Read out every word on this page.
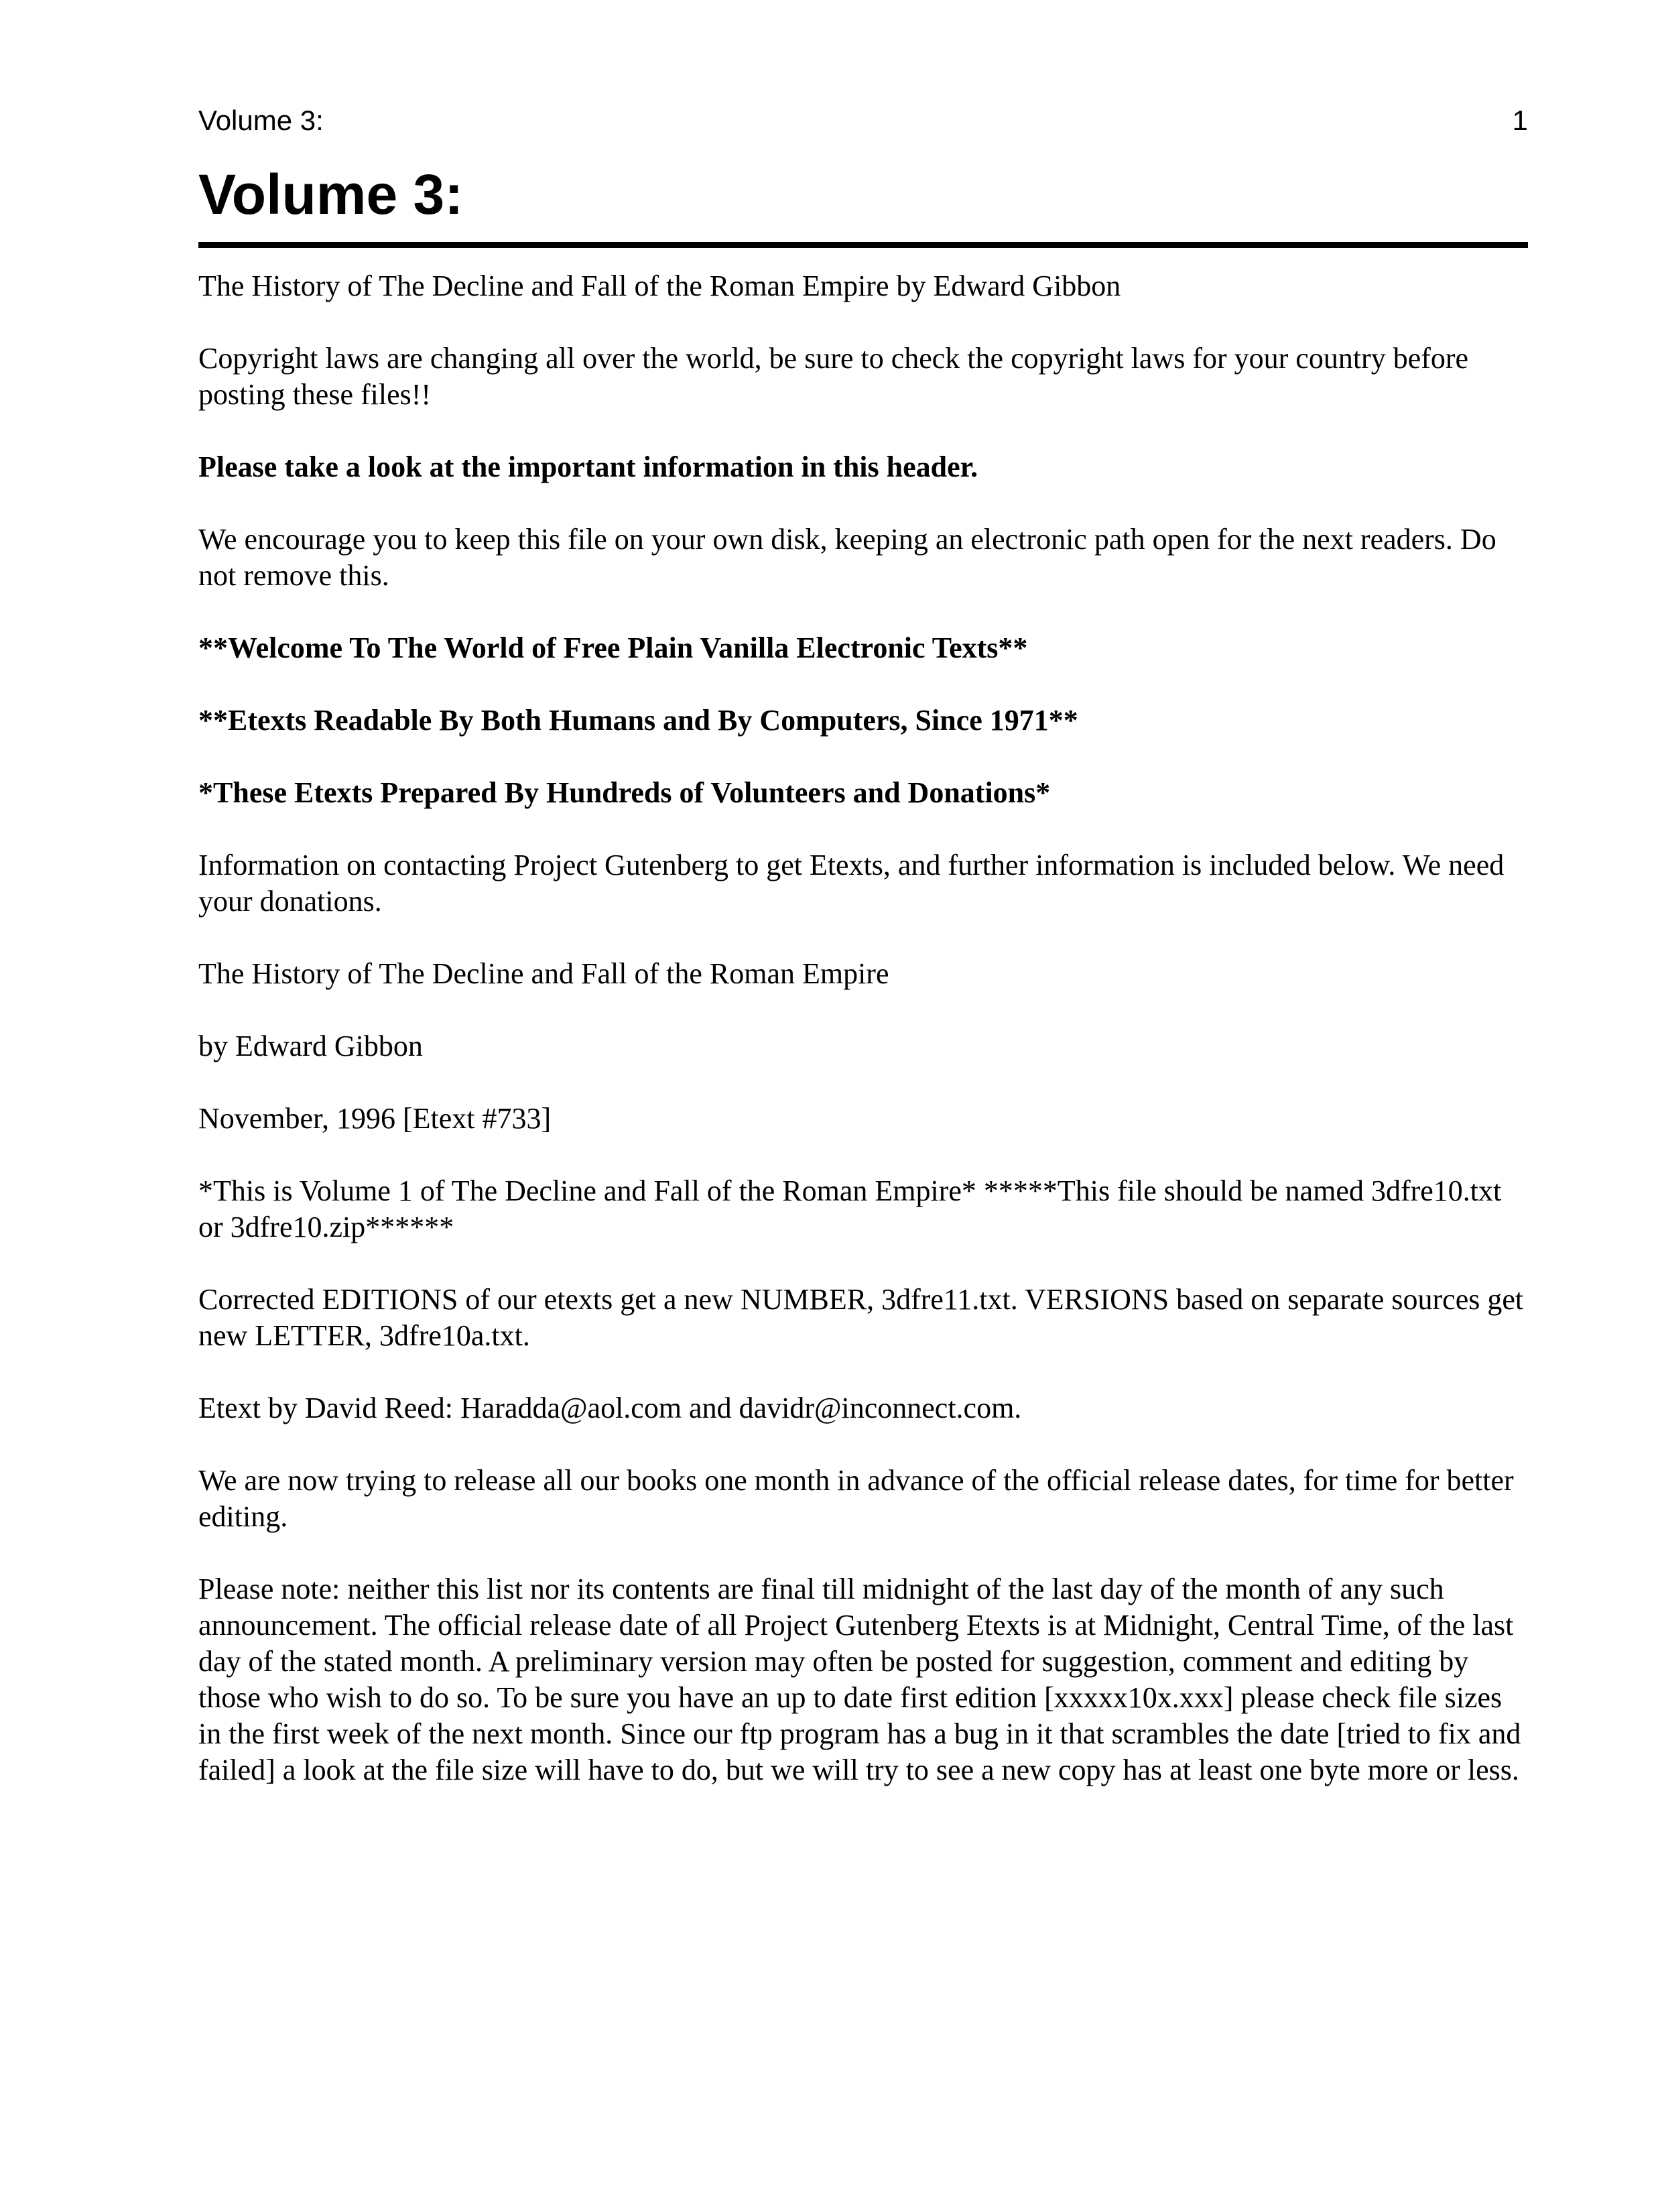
Volume 3:	1
Volume 3:

The History of The Decline and Fall of the Roman Empire by Edward Gibbon

Copyright laws are changing all over the world, be sure to check the copyright laws for your country before posting these files!!

Please take a look at the important information in this header.

We encourage you to keep this file on your own disk, keeping an electronic path open for the next readers. Do not remove this.

**Welcome To The World of Free Plain Vanilla Electronic Texts**

**Etexts Readable By Both Humans and By Computers, Since 1971**

*These Etexts Prepared By Hundreds of Volunteers and Donations*

Information on contacting Project Gutenberg to get Etexts, and further information is included below. We need your donations.

The History of The Decline and Fall of the Roman Empire

by Edward Gibbon

November, 1996 [Etext #733]

*This is Volume 1 of The Decline and Fall of the Roman Empire* *****This file should be named 3dfre10.txt or 3dfre10.zip******

Corrected EDITIONS of our etexts get a new NUMBER, 3dfre11.txt. VERSIONS based on separate sources get new LETTER, 3dfre10a.txt.

Etext by David Reed: Haradda@aol.com and davidr@inconnect.com.

We are now trying to release all our books one month in advance of the official release dates, for time for better editing.

Please note: neither this list nor its contents are final till midnight of the last day of the month of any such announcement. The official release date of all Project Gutenberg Etexts is at Midnight, Central Time, of the last day of the stated month. A preliminary version may often be posted for suggestion, comment and editing by those who wish to do so. To be sure you have an up to date first edition [xxxxx10x.xxx] please check file sizes in the first week of the next month. Since our ftp program has a bug in it that scrambles the date [tried to fix and failed] a look at the file size will have to do, but we will try to see a new copy has at least one byte more or less.
